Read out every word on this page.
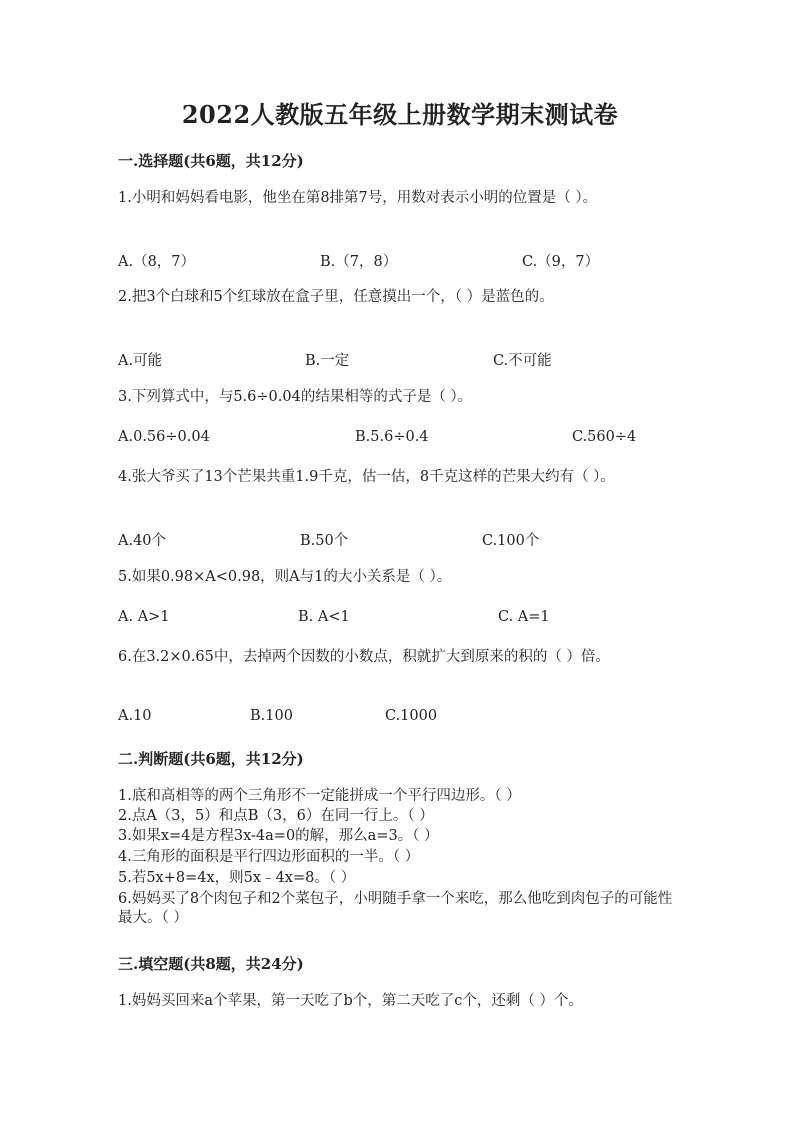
2022人教版五年级上册数学期末测试卷
一.选择题(共6题，共12分)
1.小明和妈妈看电影，他坐在第8排第7号，用数对表示小明的位置是（ ）。
A.（8，7）	B.（7，8）	C.（9，7）
2.把3个白球和5个红球放在盒子里，任意摸出一个，（ ）是蓝色的。
A.可能	B.一定	C.不可能
3.下列算式中，与5.6÷0.04的结果相等的式子是（ ）。
A.0.56÷0.04	B.5.6÷0.4	C.560÷4
4.张大爷买了13个芒果共重1.9千克，估一估，8千克这样的芒果大约有（ ）。
A.40个	B.50个	C.100个
5.如果0.98×A<0.98，则A与1的大小关系是（ ）。
A. A>1	B. A<1	C. A=1
6.在3.2×0.65中，去掉两个因数的小数点，积就扩大到原来的积的（ ）倍。
A.10	B.100	C.1000
二.判断题(共6题，共12分)
1.底和高相等的两个三角形不一定能拼成一个平行四边形。（ ）
2.点A（3，5）和点B（3，6）在同一行上。（ ）
3.如果x=4是方程3x-4a=0的解，那么a=3。（ ）
4.三角形的面积是平行四边形面积的一半。（ ）
5.若5x+8=4x，则5x﹣4x=8。（ ）
6.妈妈买了8个肉包子和2个菜包子，小明随手拿一个来吃，那么他吃到肉包子的可能性最大。（ ）
三.填空题(共8题，共24分)
1.妈妈买回来a个苹果，第一天吃了b个，第二天吃了c个，还剩（ ）个。
